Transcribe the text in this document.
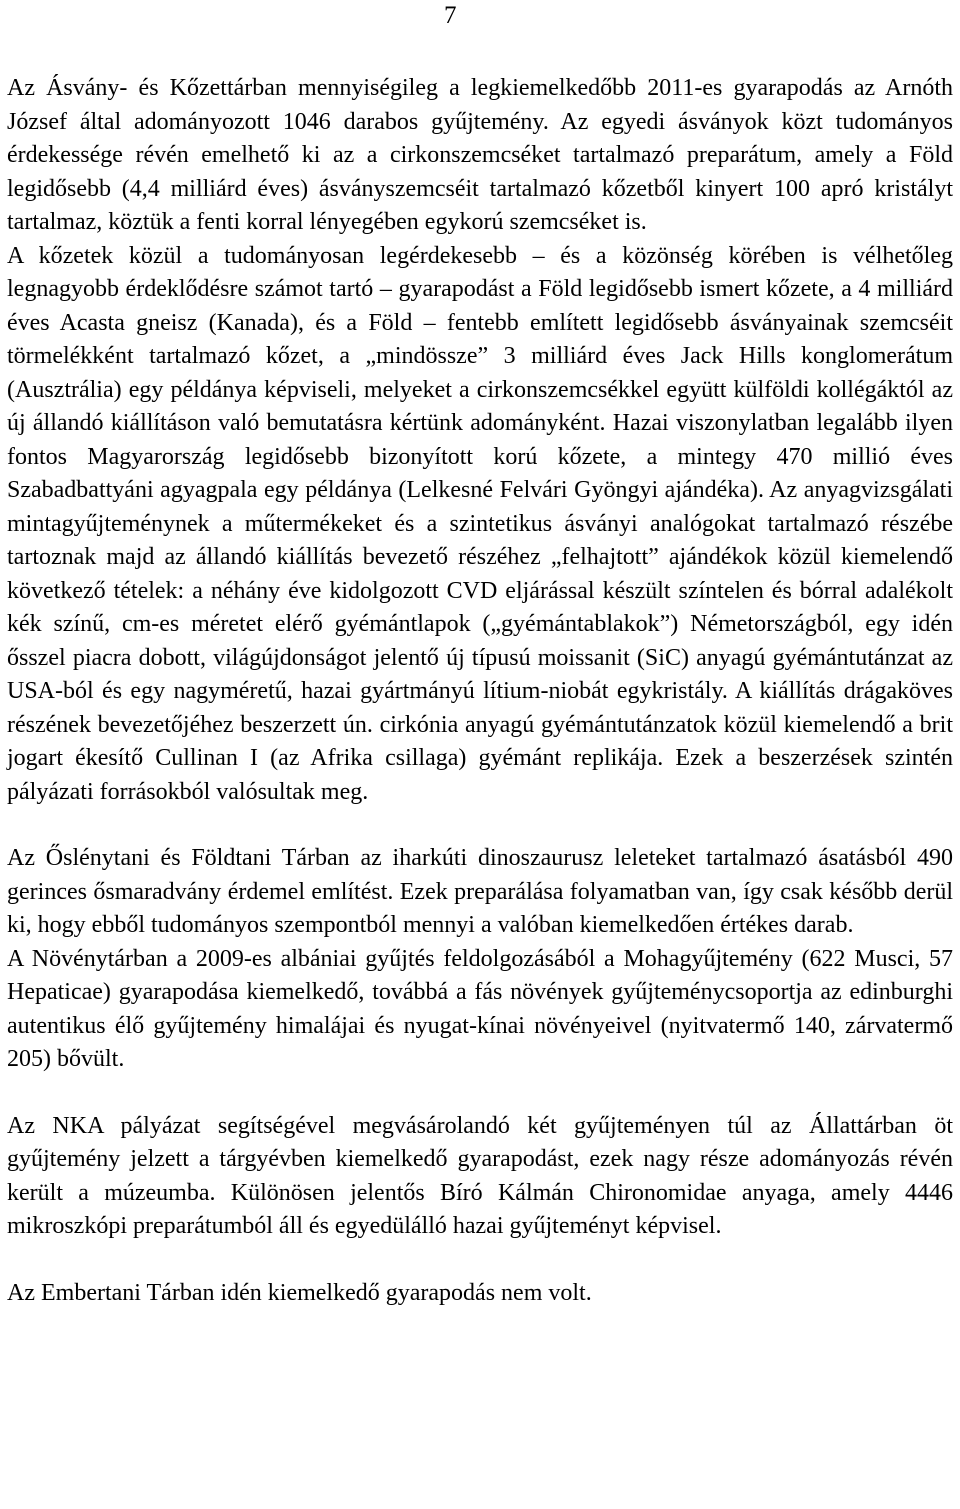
7

Az Ásvány- és Kőzettárban mennyiségileg a legkiemelkedőbb 2011-es gyarapodás az Arnóth József által adományozott 1046 darabos gyűjtemény. Az egyedi ásványok közt tudományos érdekessége révén emelhető ki az a cirkonszemcséket tartalmazó preparátum, amely a Föld legidősebb (4,4 milliárd éves) ásványszemcséit tartalmazó kőzetből kinyert 100 apró kristályt tartalmaz, köztük a fenti korral lényegében egykorú szemcséket is.

A kőzetek közül a tudományosan legérdekesebb – és a közönség körében is vélhetőleg legnagyobb érdeklődésre számot tartó – gyarapodást a Föld legidősebb ismert kőzete, a 4 milliárd éves Acasta gneisz (Kanada), és a Föld – fentebb említett legidősebb ásványainak szemcséit törmelékként tartalmazó kőzet, a „mindössze” 3 milliárd éves Jack Hills konglomerátum (Ausztrália) egy példánya képviseli, melyeket a cirkonszemcsékkel együtt külföldi kollégáktól az új állandó kiállításon való bemutatásra kértünk adományként. Hazai viszonylatban legalább ilyen fontos Magyarország legidősebb bizonyított korú kőzete, a mintegy 470 millió éves Szabadbattyáni agyagpala egy példánya (Lelkesné Felvári Gyöngyi ajándéka). Az anyagvizsgálati mintagyűjteménynek a műtermékeket és a szintetikus ásványi analógokat tartalmazó részébe tartoznak majd az állandó kiállítás bevezető részéhez „felhajtott” ajándékok közül kiemelendő következő tételek: a néhány éve kidolgozott CVD eljárással készült színtelen és bórral adalékolt kék színű, cm-es méretet elérő gyémántlapok („gyémántablakok”) Németországból, egy idén ősszel piacra dobott, világújdonságot jelentő új típusú moissanit (SiC) anyagú gyémántutánzat az USA-ból és egy nagyméretű, hazai gyártmányú lítium-niobát egykristály. A kiállítás drágaköves részének bevezetőjéhez beszerzett ún. cirkónia anyagú gyémántutánzatok közül kiemelendő a brit jogart ékesítő Cullinan I (az Afrika csillaga) gyémánt replikája. Ezek a beszerzések szintén pályázati forrásokból valósultak meg.

Az Őslénytani és Földtani Tárban az iharkúti dinoszaurusz leleteket tartalmazó ásatásból 490 gerinces ősmaradvány érdemel említést. Ezek preparálása folyamatban van, így csak később derül ki, hogy ebből tudományos szempontból mennyi a valóban kiemelkedően értékes darab.

A Növénytárban a 2009-es albániai gyűjtés feldolgozásából a Mohagyűjtemény (622 Musci, 57 Hepaticae) gyarapodása kiemelkedő, továbbá a fás növények gyűjteménycsoportja az edinburghi autentikus élő gyűjtemény himalájai és nyugat-kínai növényeivel (nyitvatermő 140, zárvatermő 205) bővült.

Az NKA pályázat segítségével megvásárolandó két gyűjteményen túl az Állattárban öt gyűjtemény jelzett a tárgyévben kiemelkedő gyarapodást, ezek nagy része adományozás révén került a múzeumba. Különösen jelentős Bíró Kálmán Chironomidae anyaga, amely 4446 mikroszkópi preparátumból áll és egyedülálló hazai gyűjteményt képvisel.

Az Embertani Tárban idén kiemelkedő gyarapodás nem volt.
